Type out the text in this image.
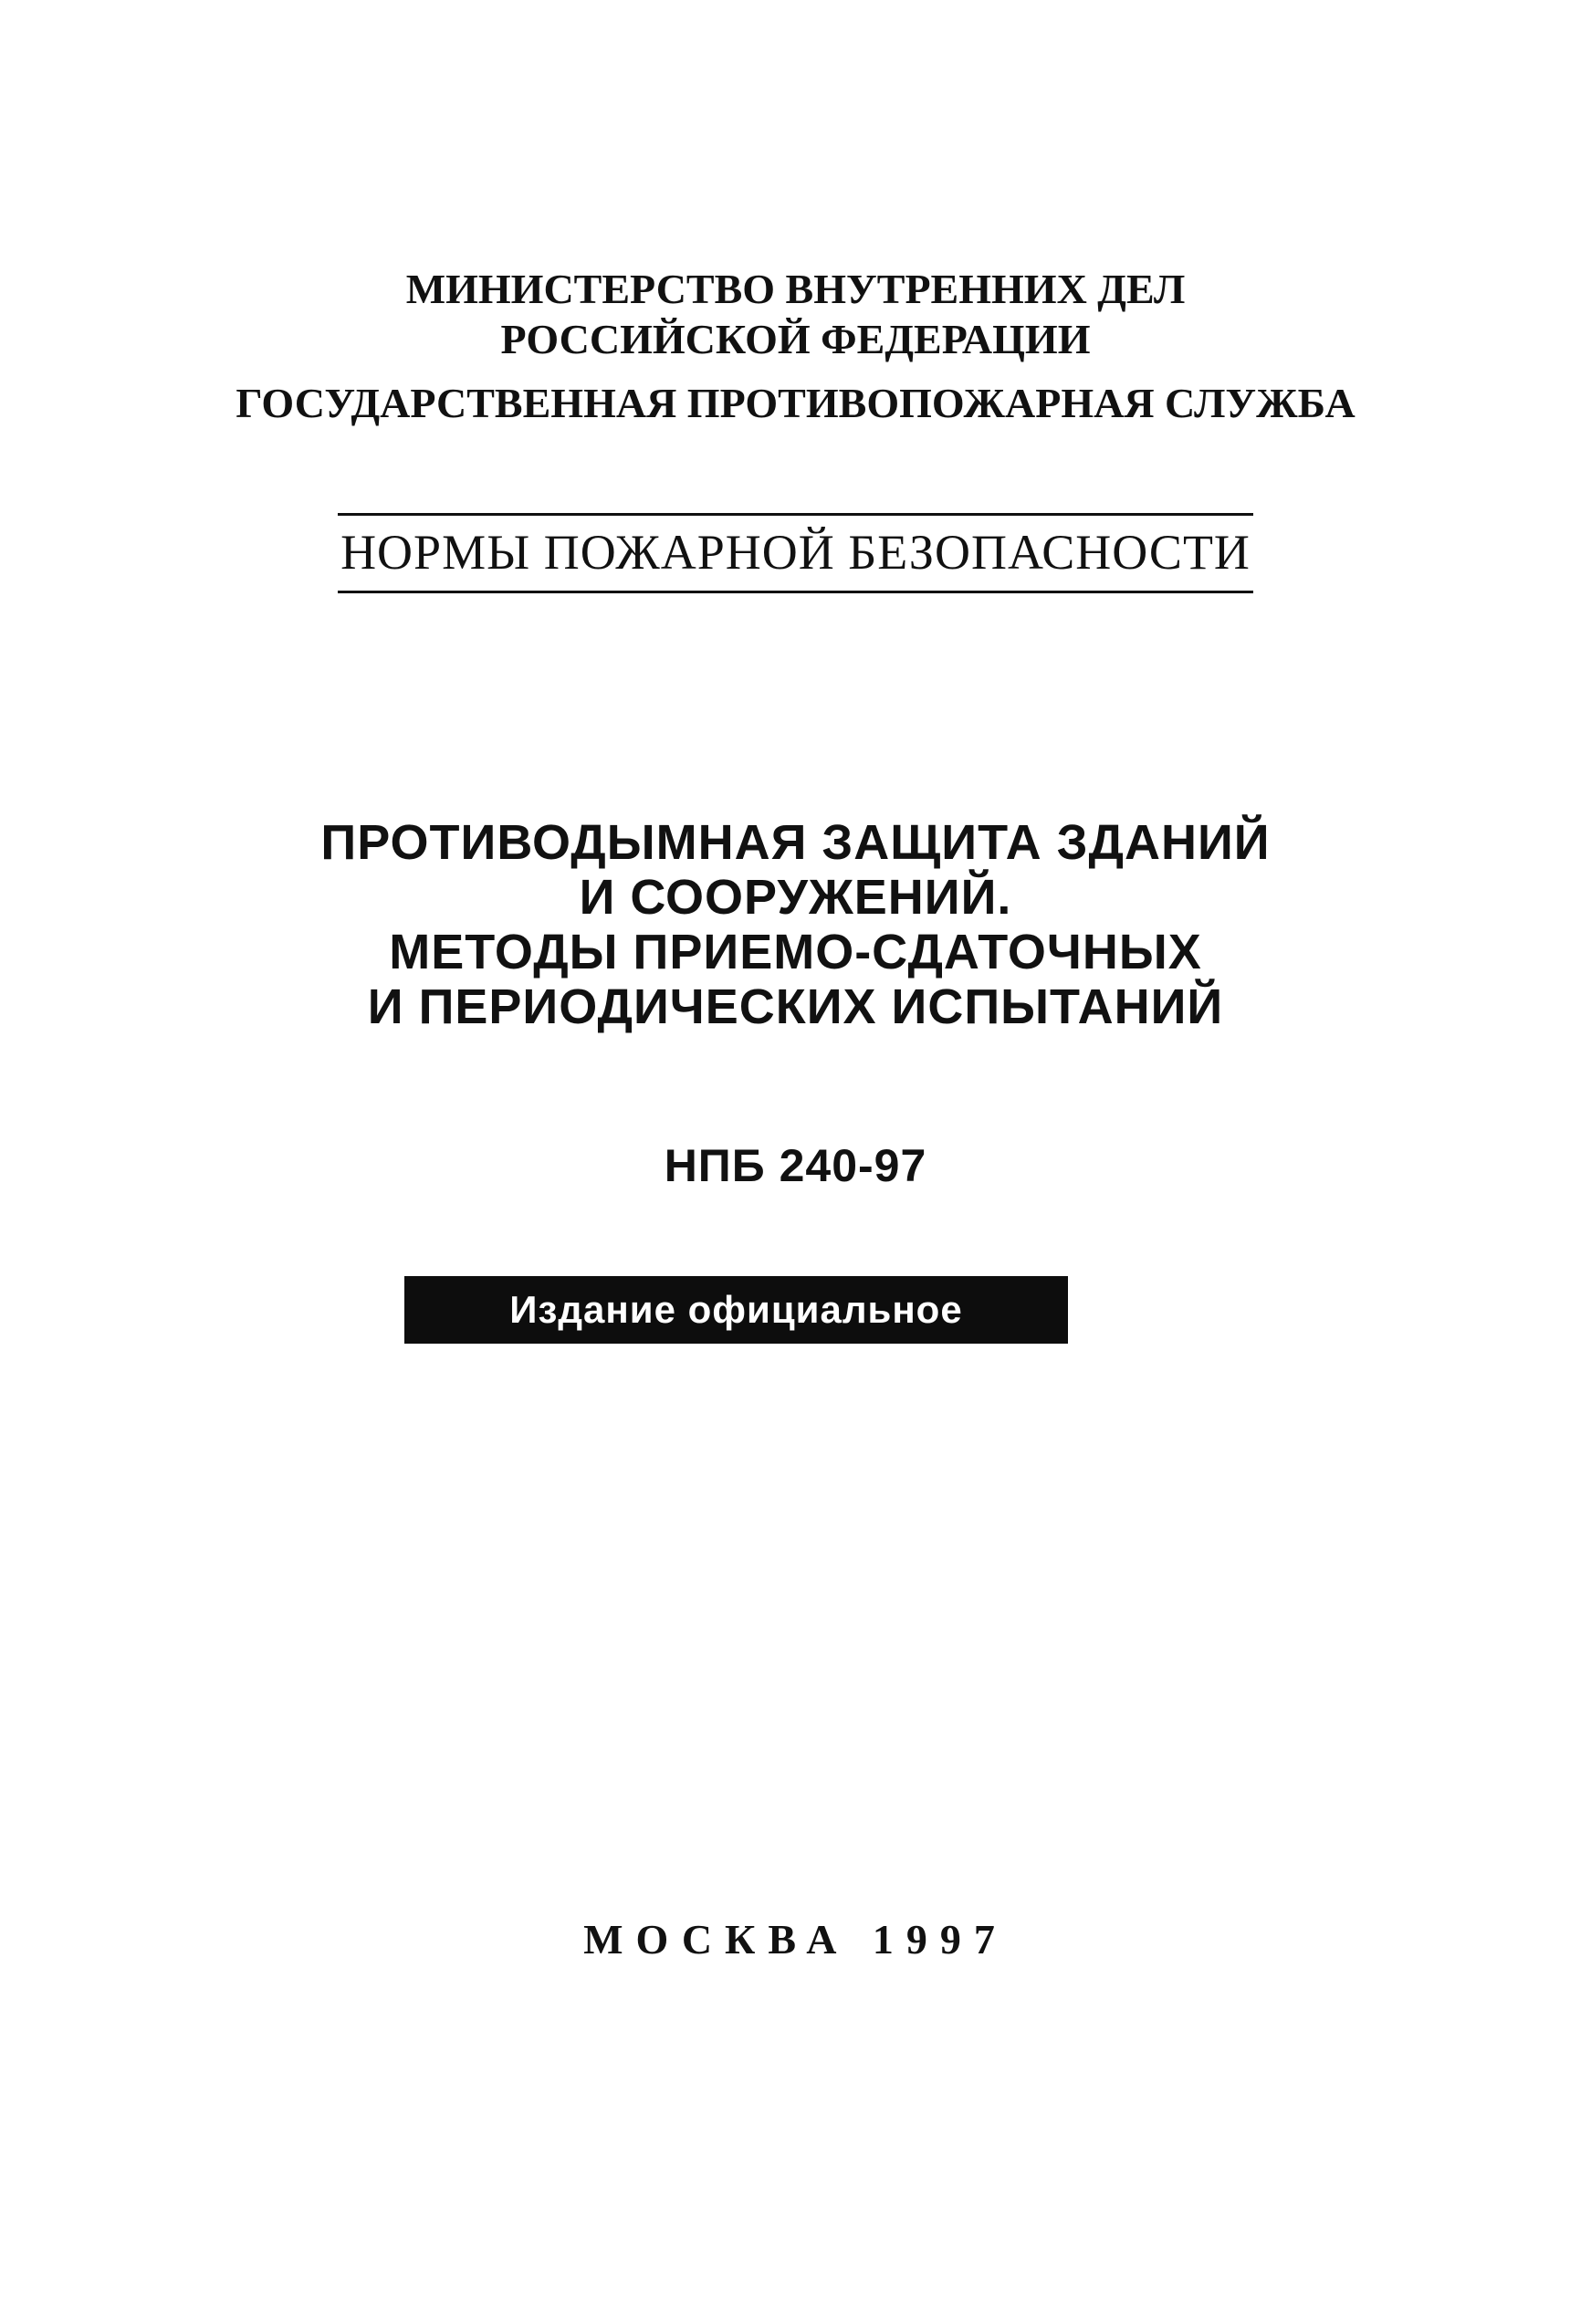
МИНИСТЕРСТВО ВНУТРЕННИХ ДЕЛ
РОССИЙСКОЙ ФЕДЕРАЦИИ
ГОСУДАРСТВЕННАЯ ПРОТИВОПОЖАРНАЯ СЛУЖБА
НОРМЫ ПОЖАРНОЙ БЕЗОПАСНОСТИ
ПРОТИВОДЫМНАЯ ЗАЩИТА ЗДАНИЙ
И СООРУЖЕНИЙ.
МЕТОДЫ ПРИЕМО-СДАТОЧНЫХ
И ПЕРИОДИЧЕСКИХ ИСПЫТАНИЙ
НПБ 240-97
Издание официальное
МОСКВА 1997
